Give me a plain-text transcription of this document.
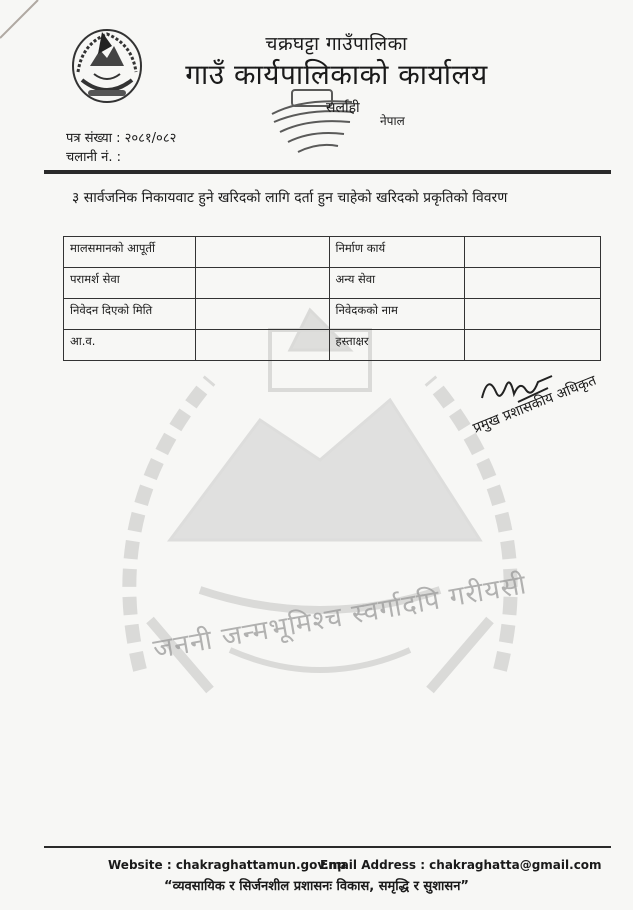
चक्रघट्टा गाउँपालिका
गाउँ कार्यपालिकाको कार्यालय
सर्लाही
नेपाल
पत्र संख्या : २०८१/०८२
चलानी नं. :
३ सार्वजनिक निकायवाट हुने खरिदको लागि दर्ता हुन चाहेको खरिदको प्रकृतिको विवरण
जननी जन्मभूमिश्च स्वर्गादपि गरीयसी
मालसमानको आपूर्ती		निर्माण कार्य	
परामर्श सेवा		अन्य सेवा	
निवेदन दिएको मिति		निवेदकको नाम	
आ.व.		हस्ताक्षर	
प्रमुख प्रशासकीय अधिकृत
Website : chakraghattamun.gov.np
Email Address : chakraghatta@gmail.com
“व्यवसायिक र सिर्जनशील प्रशासनः विकास, समृद्धि र सुशासन”
